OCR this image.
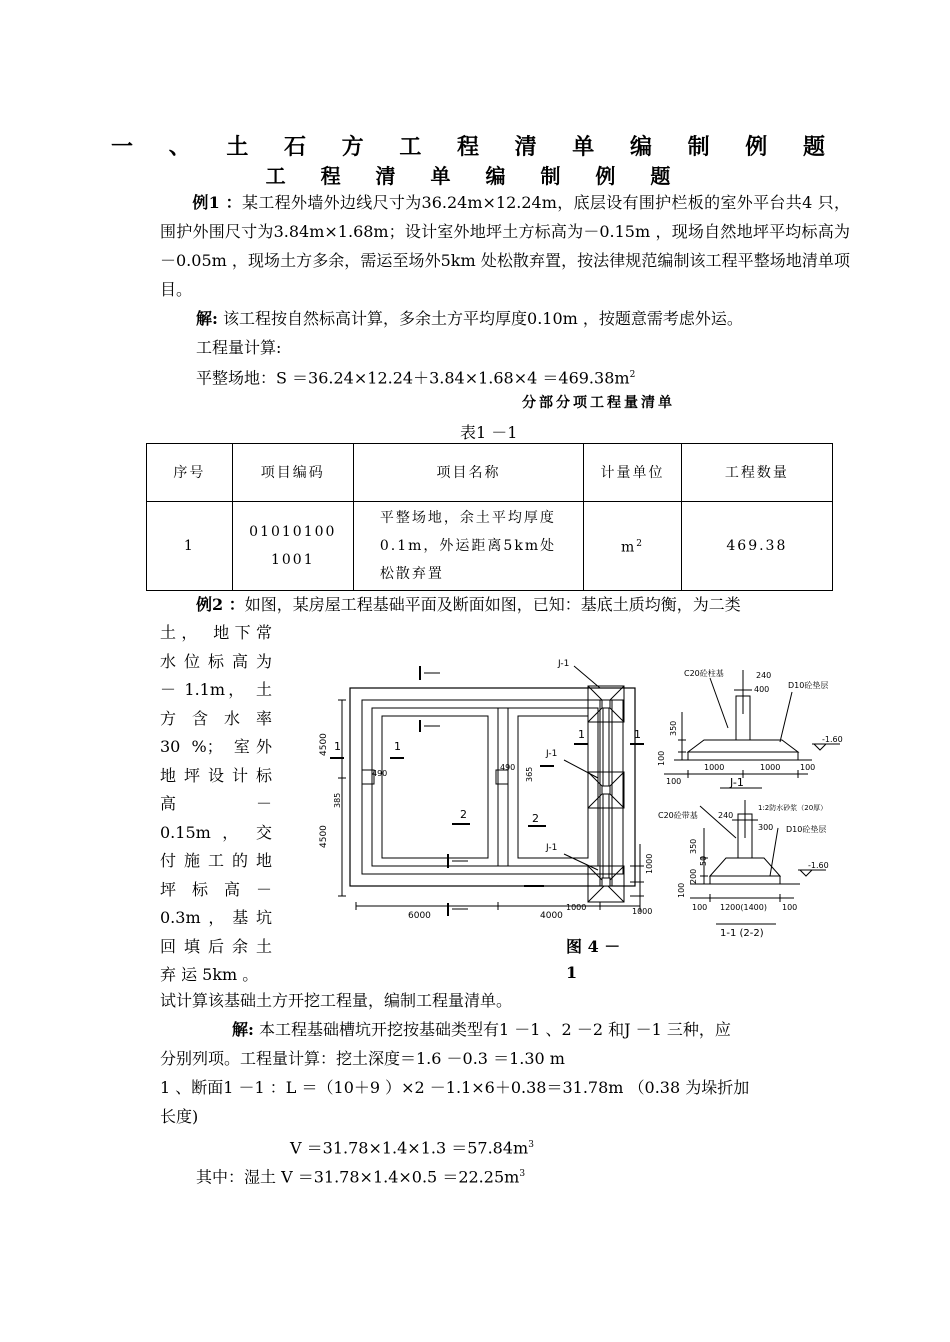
一 、 土 石 方 工 程 清 单 编 制 例 题
工 程 清 单 编 制 例 题
例1 ：某工程外墙外边线尺寸为36.24m×12.24m，底层设有围护栏板的室外平台共4 只，围护外围尺寸为3.84m×1.68m；设计室外地坪土方标高为－0.15m ，现场自然地坪平均标高为－0.05m ，现场土方多余，需运至场外5km 处松散弃置，按法律规范编制该工程平整场地清单项目。
解: 该工程按自然标高计算，多余土方平均厚度0.10m ，按题意需考虑外运。
工程量计算:
平整场地：$S =36.24\times 12.24+3.84\times 1.68\times 4 =469.38m^2$
分部分项工程量清单
表1 －1
序号	项目编码	项目名称	计量单位	工程数量
1	010101001001	平整场地，余土平均厚度0.1m，外运距离5km处松散弃置	$m^2$	469.38
例2 ：如图，某房屋工程基础平面及断面如图，已知：基底土质均衡，为二类
土， 地下常
水位标高为
－ 1.1m， 土
方 含 水 率
30 %； 室外
地坪设计标
高 －
0.15m ， 交
付施工的地
坪 标 高 －
0.3m，基坑
回填后余土
弃 运 5km 。
J-1
J-1
J-1
1	1
1	1
2	2
4500
4500
385
490
490 365
6000	4000
1000	1000
1000
C20砼柱基
D10砼垫层
240
400
350
100
100
1000	1000 100
-1.60
J-1
C20砼带基
1:2防水砂浆（20厚）
D10砼垫层
240
300
350
50
200
100
100 1200(1400) 100
-1.60
1-1 (2-2)
图 4 －
1
试计算该基础土方开挖工程量，编制工程量清单。
解: 本工程基础槽坑开挖按基础类型有1 －1 、2 －2 和J －1 三种，应
分别列项。工程量计算：挖土深度＝1.6 －0.3 ＝1.30 m
1 、断面1 －1 ：L ＝（10＋9 ）×2 －1.1×6＋0.38＝31.78m （0.38 为垛折加
长度)
$V =31.78\times 1.4\times 1.3 =57.84m^3$
其中：湿土 $V =31.78\times 1.4\times 0.5 =22.25m^3$
